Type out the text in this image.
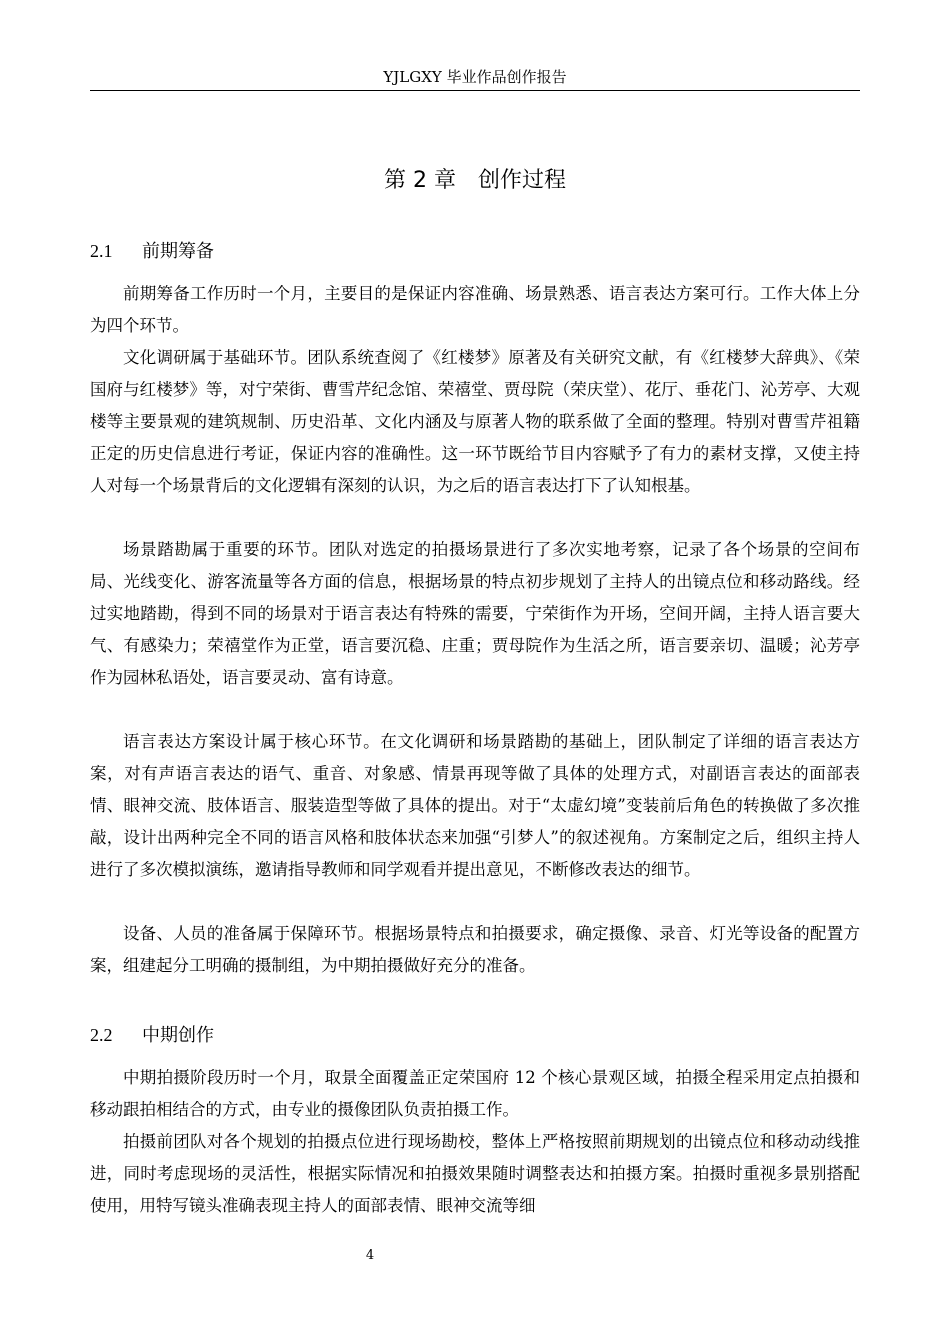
YJLGXY 毕业作品创作报告
第 2 章　创作过程
2.1 前期筹备

前期筹备工作历时一个月，主要目的是保证内容准确、场景熟悉、语言表达方案可行。工作大体上分为四个环节。

文化调研属于基础环节。团队系统查阅了《红楼梦》原著及有关研究文献，有《红楼梦大辞典》、《荣国府与红楼梦》等，对宁荣街、曹雪芹纪念馆、荣禧堂、贾母院（荣庆堂）、花厅、垂花门、沁芳亭、大观楼等主要景观的建筑规制、历史沿革、文化内涵及与原著人物的联系做了全面的整理。特别对曹雪芹祖籍正定的历史信息进行考证，保证内容的准确性。这一环节既给节目内容赋予了有力的素材支撑，又使主持人对每一个场景背后的文化逻辑有深刻的认识，为之后的语言表达打下了认知根基。

场景踏勘属于重要的环节。团队对选定的拍摄场景进行了多次实地考察，记录了各个场景的空间布局、光线变化、游客流量等各方面的信息，根据场景的特点初步规划了主持人的出镜点位和移动路线。经过实地踏勘，得到不同的场景对于语言表达有特殊的需要，宁荣街作为开场，空间开阔，主持人语言要大气、有感染力；荣禧堂作为正堂，语言要沉稳、庄重；贾母院作为生活之所，语言要亲切、温暖；沁芳亭作为园林私语处，语言要灵动、富有诗意。

语言表达方案设计属于核心环节。在文化调研和场景踏勘的基础上，团队制定了详细的语言表达方案，对有声语言表达的语气、重音、对象感、情景再现等做了具体的处理方式，对副语言表达的面部表情、眼神交流、肢体语言、服装造型等做了具体的提出。对于“太虚幻境”变装前后角色的转换做了多次推敲，设计出两种完全不同的语言风格和肢体状态来加强“引梦人”的叙述视角。方案制定之后，组织主持人进行了多次模拟演练，邀请指导教师和同学观看并提出意见，不断修改表达的细节。

设备、人员的准备属于保障环节。根据场景特点和拍摄要求，确定摄像、录音、灯光等设备的配置方案，组建起分工明确的摄制组，为中期拍摄做好充分的准备。

2.2 中期创作

中期拍摄阶段历时一个月，取景全面覆盖正定荣国府 12 个核心景观区域，拍摄全程采用定点拍摄和移动跟拍相结合的方式，由专业的摄像团队负责拍摄工作。

拍摄前团队对各个规划的拍摄点位进行现场勘校，整体上严格按照前期规划的出镜点位和移动动线推进，同时考虑现场的灵活性，根据实际情况和拍摄效果随时调整表达和拍摄方案。拍摄时重视多景别搭配使用，用特写镜头准确表现主持人的面部表情、眼神交流等细

4
